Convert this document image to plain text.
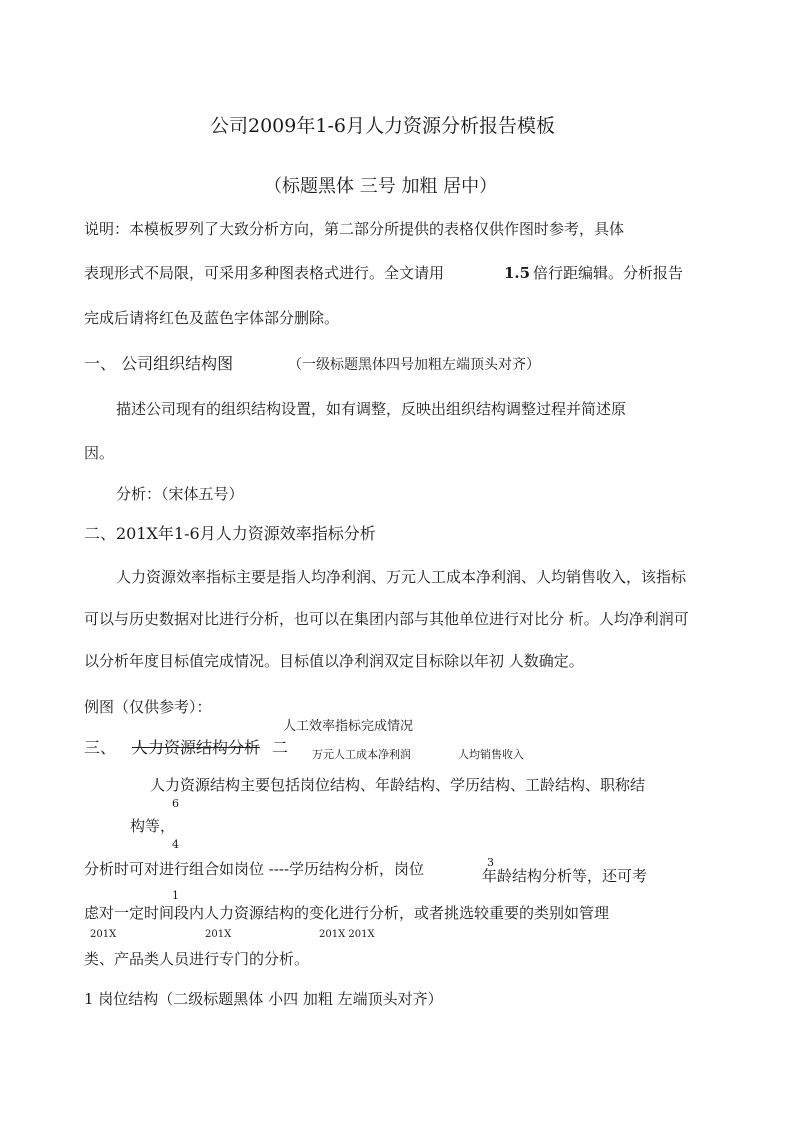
公司2009年1-6月人力资源分析报告模板
（标题黑体 三号 加粗 居中）
说明：本模板罗列了大致分析方向，第二部分所提供的表格仅供作图时参考，具体
表现形式不局限，可采用多种图表格式进行。全文请用	1.5 倍行距编辑。分析报告
完成后请将红色及蓝色字体部分删除。
一、 公司组织结构图	（一级标题黑体四号加粗左端顶头对齐）
描述公司现有的组织结构设置，如有调整，反映出组织结构调整过程并简述原
因。
分析：（宋体五号）
二、201X年1-6月人力资源效率指标分析
人力资源效率指标主要是指人均净利润、万元人工成本净利润、人均销售收入，该指标
可以与历史数据对比进行分析，也可以在集团内部与其他单位进行对比分 析。人均净利润可
以分析年度目标值完成情况。目标值以净利润双定目标除以年初 人数确定。
例图（仅供参考）：
人工效率指标完成情况
三、 人力资源结构分析 二 万元人工成本净利润	人均销售收入
人力资源结构主要包括岗位结构、年龄结构、学历结构、工龄结构、职称结
6
构等，
4
分析时可对进行组合如岗位 ----学历结构分析，岗位	3
年龄结构分析等，还可考
1
虑对一定时间段内人力资源结构的变化进行分析，或者挑选较重要的类别如管理
201X	201X	201X 201X
类、产品类人员进行专门的分析。
1 岗位结构（二级标题黑体 小四 加粗 左端顶头对齐）
